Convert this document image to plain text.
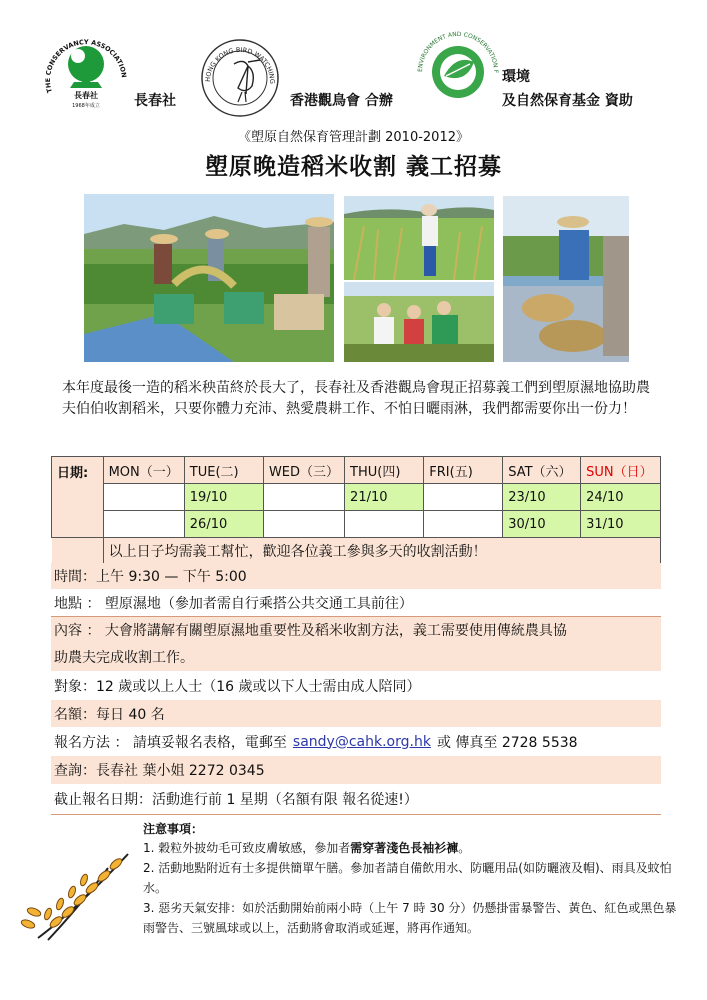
THE CONSERVANCY ASSOCIATION
長春社
1968年成立 長春社
HONG KONG BIRD WATCHING
香港觀鳥會 合辦
ENVIRONMENT AND CONSERVATION F 環境
及自然保育基金 資助
《塱原自然保育管理計劃 2010-2012》
塱原晚造稻米收割 義工招募
本年度最後一造的稻米秧苗終於長大了，長春社及香港觀鳥會現正招募義工們到塱原濕地協助農夫伯伯收割稻米，只要你體力充沛、熱愛農耕工作、不怕日曬雨淋，我們都需要你出一份力！
日期:	MON（一）	TUE(二)	WED（三）	THU(四)	FRI(五)	SAT（六）	SUN（日）
		19/10		21/10		23/10	24/10
		26/10				30/10	31/10
	以上日子均需義工幫忙，歡迎各位義工參與多天的收割活動！						
時間：上午 9:30 — 下午 5:00
地點 ： 塱原濕地（參加者需自行乘搭公共交通工具前往）
內容 ： 大會將講解有關塱原濕地重要性及稻米收割方法，義工需要使用傳統農具協
助農夫完成收割工作。
對象：12 歲或以上人士（16 歲或以下人士需由成人陪同）
名額：每日 40 名
報名方法 ： 請填妥報名表格，電郵至 sandy@cahk.org.hk 或 傳真至 2728 5538
查詢：長春社 葉小姐 2272 0345
截止報名日期：活動進行前 1 星期（名額有限 報名從速!）
注意事項：

1. 穀粒外披幼毛可致皮膚敏感，參加者需穿著淺色長袖衫褲。

2. 活動地點附近有士多提供簡單午膳。參加者請自備飲用水、防曬用品(如防曬液及帽)、雨具及蚊怕水。

3. 惡劣天氣安排：如於活動開始前兩小時（上午 7 時 30 分）仍懸掛雷暴警告、黃色、紅色或黑色暴雨警告、三號風球或以上，活動將會取消或延遲，將再作通知。
